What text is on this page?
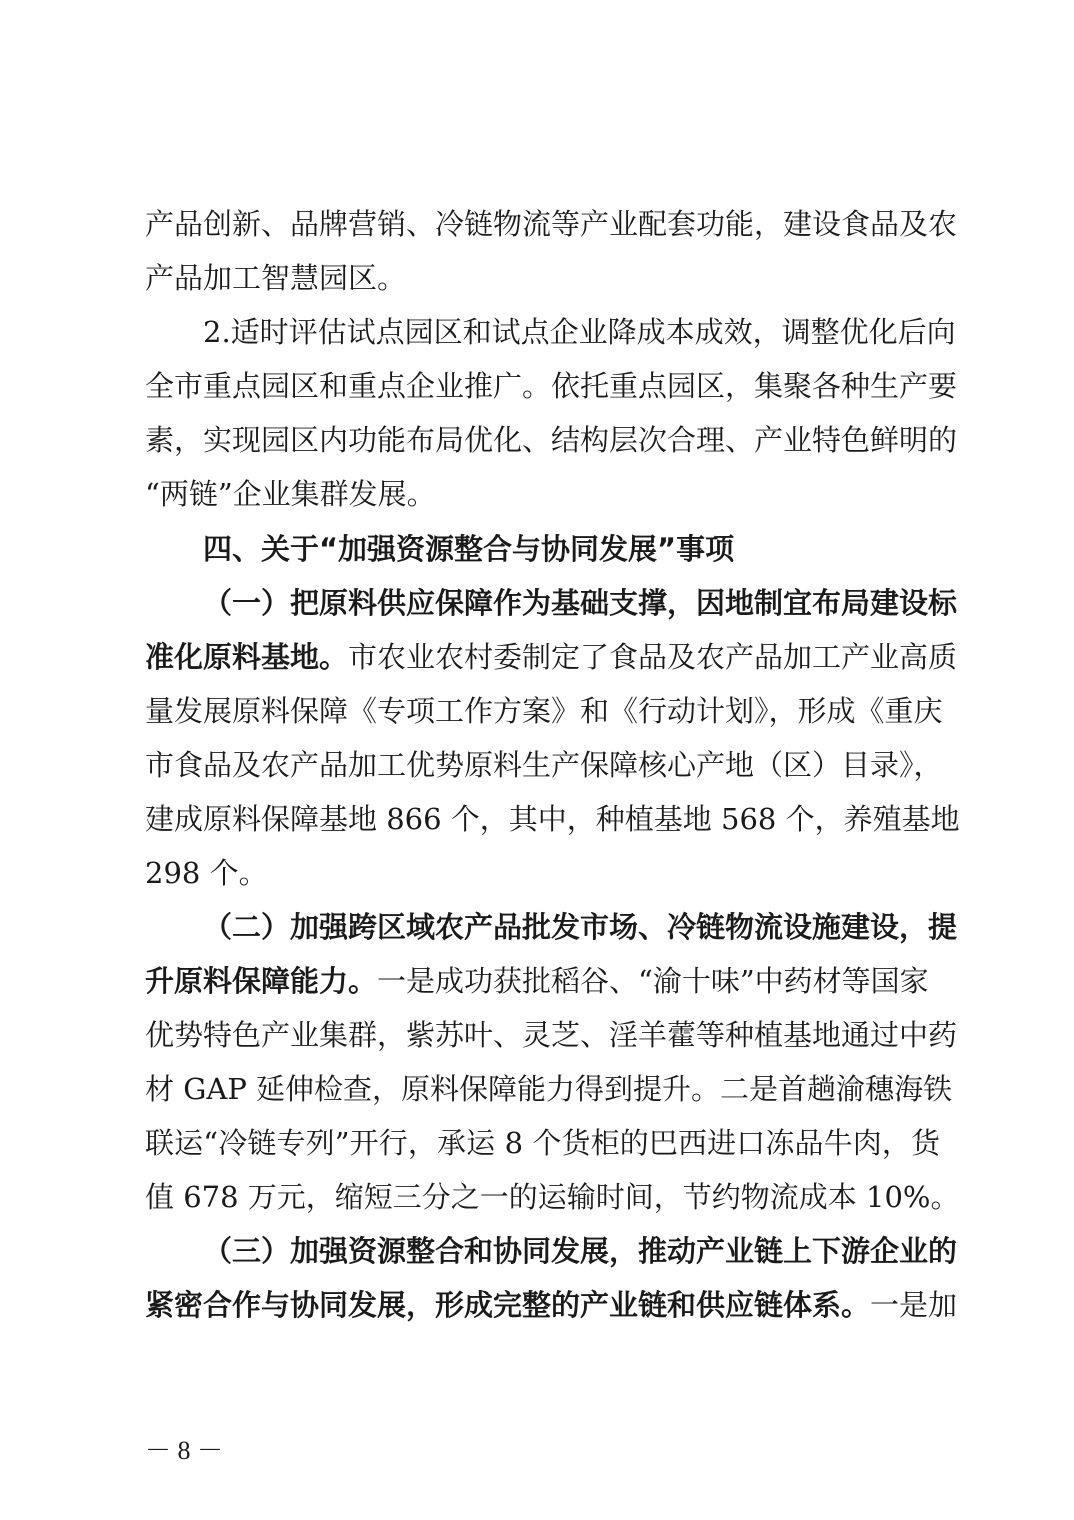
产品创新、品牌营销、冷链物流等产业配套功能，建设食品及农
产品加工智慧园区。
2.适时评估试点园区和试点企业降成本成效，调整优化后向
全市重点园区和重点企业推广。依托重点园区，集聚各种生产要
素，实现园区内功能布局优化、结构层次合理、产业特色鲜明的
“两链”企业集群发展。
四、关于“加强资源整合与协同发展”事项
（一）把原料供应保障作为基础支撑，因地制宜布局建设标
准化原料基地。市农业农村委制定了食品及农产品加工产业高质
量发展原料保障《专项工作方案》和《行动计划》，形成《重庆
市食品及农产品加工优势原料生产保障核心产地（区）目录》，
建成原料保障基地 866 个，其中，种植基地 568 个，养殖基地
298 个。
（二）加强跨区域农产品批发市场、冷链物流设施建设，提
升原料保障能力。一是成功获批稻谷、“渝十味”中药材等国家
优势特色产业集群，紫苏叶、灵芝、淫羊藿等种植基地通过中药
材 GAP 延伸检查，原料保障能力得到提升。二是首趟渝穗海铁
联运“冷链专列”开行，承运 8 个货柜的巴西进口冻品牛肉，货
值 678 万元，缩短三分之一的运输时间，节约物流成本 10%。
（三）加强资源整合和协同发展，推动产业链上下游企业的
紧密合作与协同发展，形成完整的产业链和供应链体系。一是加
－ 8 －
